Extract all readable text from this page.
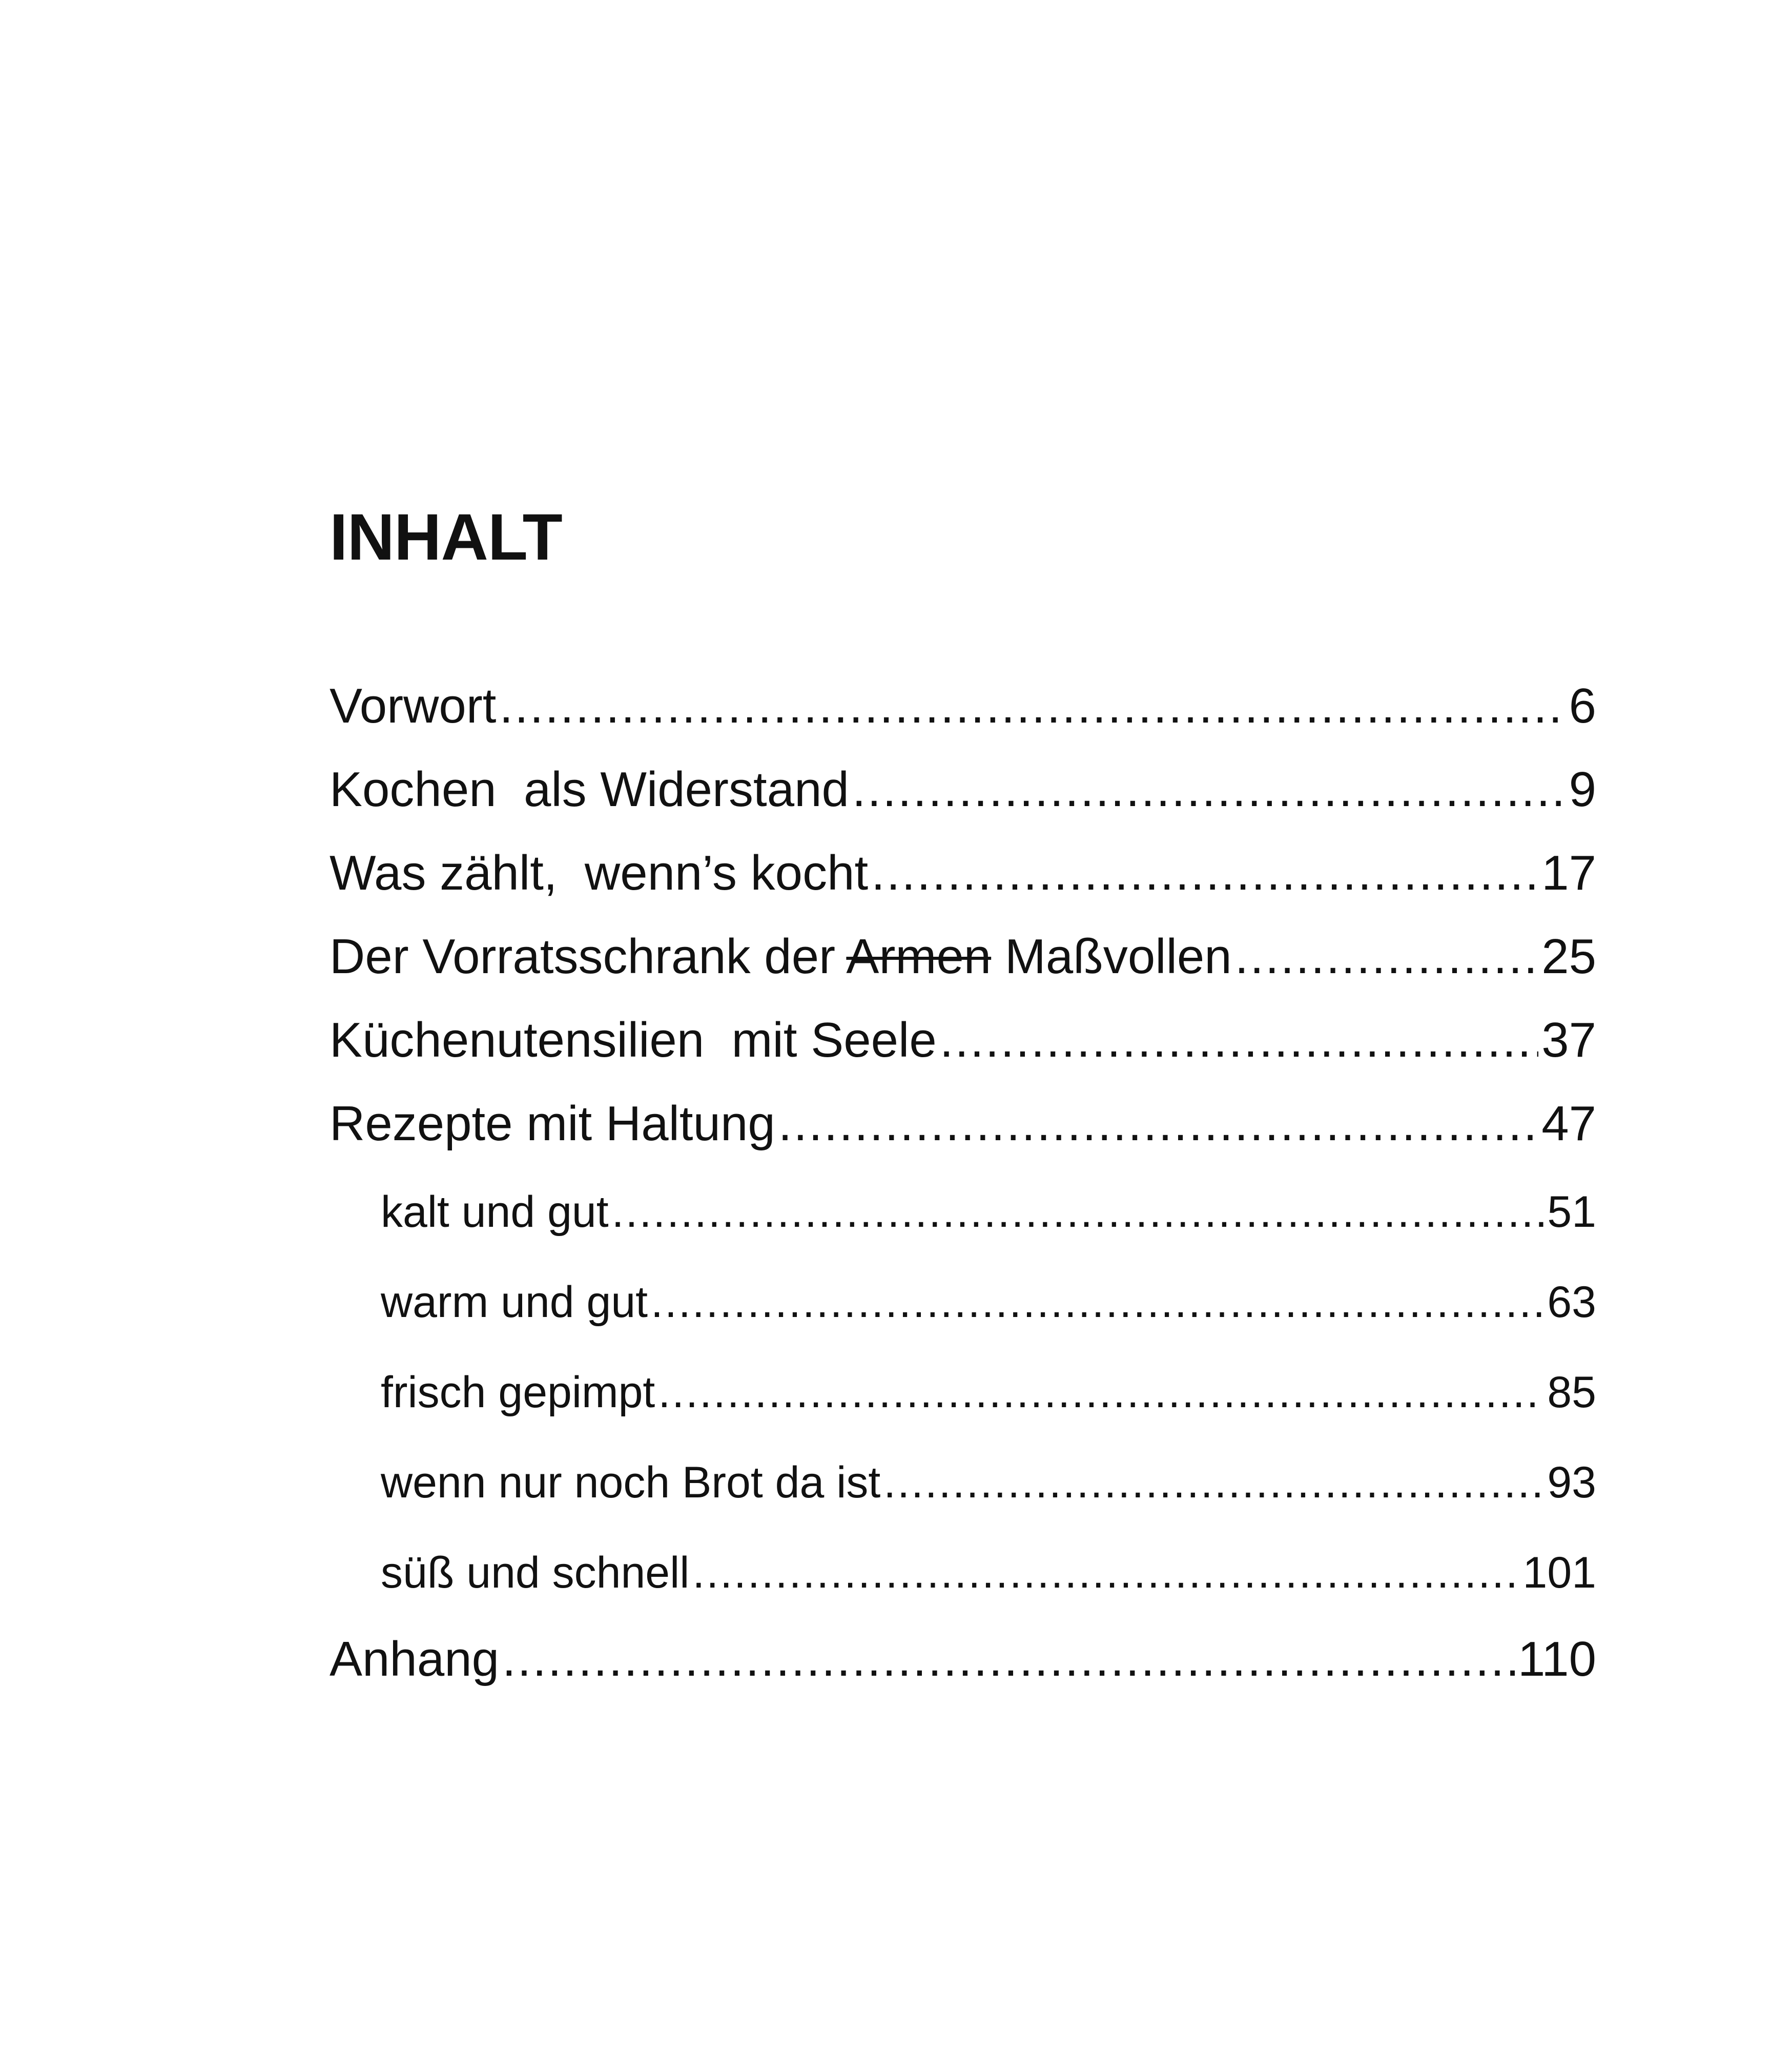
INHALT
Vorwort .....	6
Kochen  als Widerstand .....	9
Was zählt,  wenn’s kocht .....	17
Der Vorratsschrank der Armen Maßvollen .....	25
Küchenutensilien  mit Seele .....	37
Rezepte mit Haltung .....	47
kalt und gut .....	51
warm und gut .....	63
frisch gepimpt .....	85
wenn nur noch Brot da ist .....	93
süß und schnell .....	101
Anhang .....	110
